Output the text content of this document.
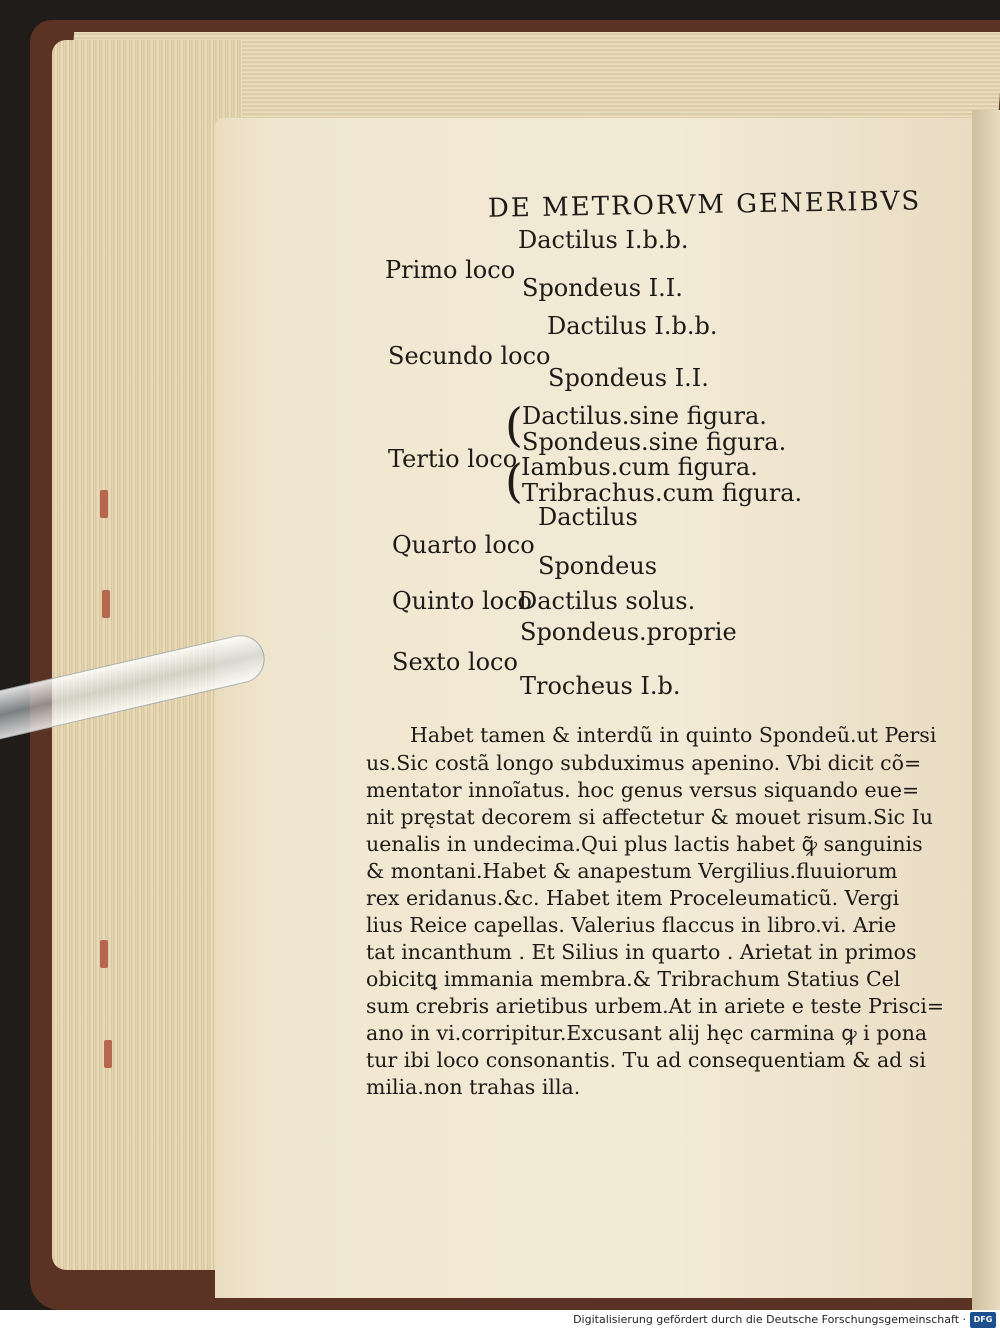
DE METRORVM GENERIBVS
Dactilus I.b.b.
Primo loco
Spondeus I.I.
Dactilus I.b.b.
Secundo loco
Spondeus I.I.
(
(
Dactilus.sine figura.
Spondeus.sine figura.
Tertio loco Iambus.cum figura.
Tribrachus.cum figura.
Dactilus
Quarto loco
Spondeus
Quinto loco
Dactilus solus.
Spondeus.proprie
Sexto loco
Trocheus I.b.
Habet tamen & interdũ in quinto Spondeũ.ut Persi
us.Sic costã longo subduximus apenino. Vbi dicit cõ=
mentator innoĩatus. hoc genus versus siquando eue=
nit pręstat decorem si affectetur & mouet risum.Sic Iu
uenalis in undecima.Qui plus lactis habet ꝙ̃ sanguinis
& montani.Habet & anapestum Vergilius.fluuiorum
rex eridanus.&c. Habet item Proceleumaticũ. Vergi
lius Reice capellas. Valerius flaccus in libro.vi. Arie
tat incanthum . Et Silius in quarto . Arietat in primos
obicitꝗ immania membra.& Tribrachum Statius Cel
sum crebris arietibus urbem.At in ariete e teste Prisci=
ano in vi.corripitur.Excusant alij hęc carmina ꝙ i pona
tur ibi loco consonantis. Tu ad consequentiam & ad si
milia.non trahas illa.
Digitalisierung gefördert durch die Deutsche Forschungsgemeinschaft · DFG
